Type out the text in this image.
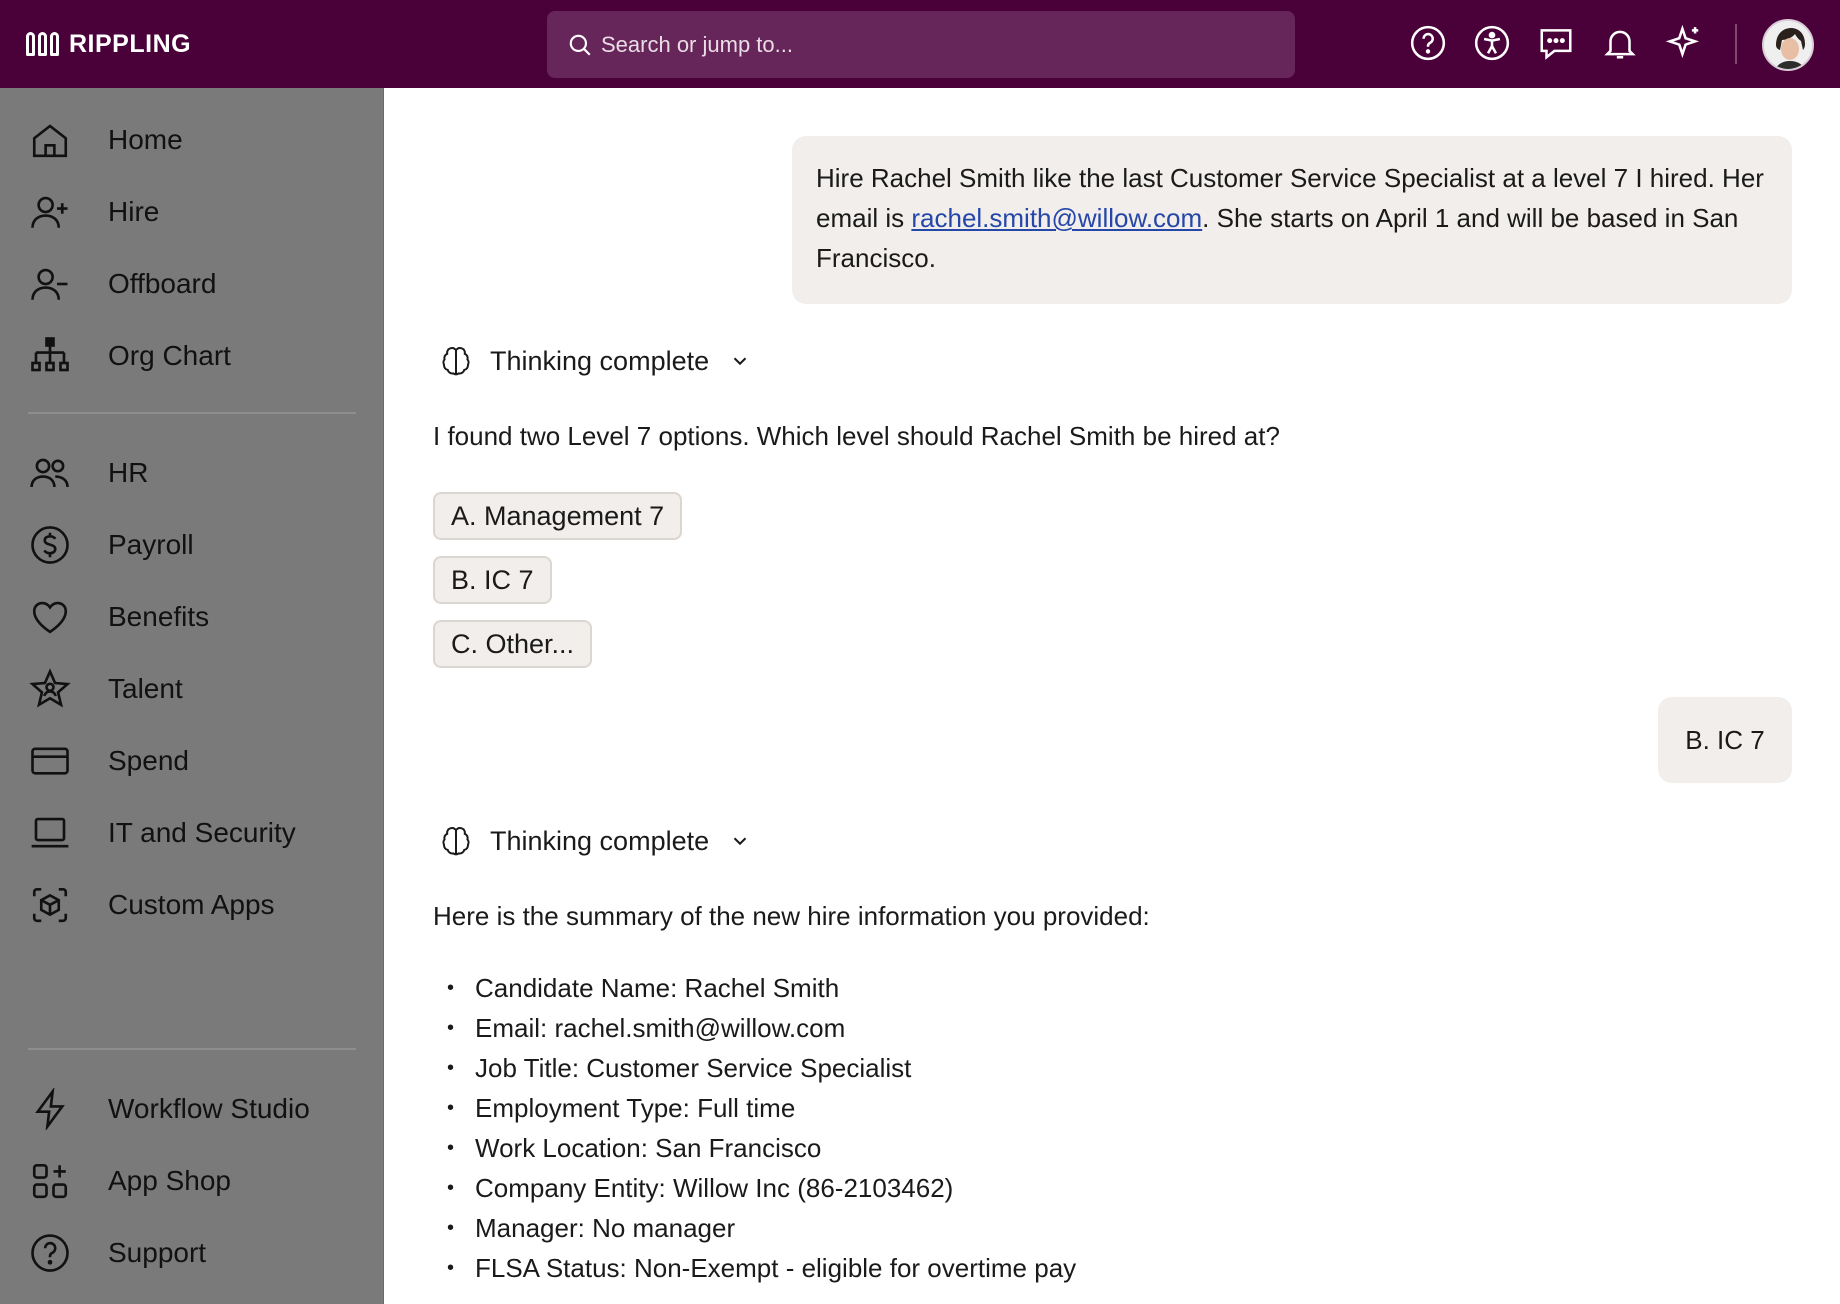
RIPPLING	Search or jump to...
Home
Hire
Offboard
Org Chart
HR
Payroll
Benefits
Talent
Spend
IT and Security
Custom Apps
Workflow Studio
App Shop
Support
Hire Rachel Smith like the last Customer Service Specialist at a level 7 I hired. Her email is rachel.smith@willow.com. She starts on April 1 and will be based in San Francisco.
Thinking complete
I found two Level 7 options. Which level should Rachel Smith be hired at?
A. Management 7
B. IC 7
C. Other...
B. IC 7
Thinking complete
Here is the summary of the new hire information you provided:
• Candidate Name: Rachel Smith
• Email: rachel.smith@willow.com
• Job Title: Customer Service Specialist
• Employment Type: Full time
• Work Location: San Francisco
• Company Entity: Willow Inc (86-2103462)
• Manager: No manager
• FLSA Status: Non-Exempt - eligible for overtime pay
